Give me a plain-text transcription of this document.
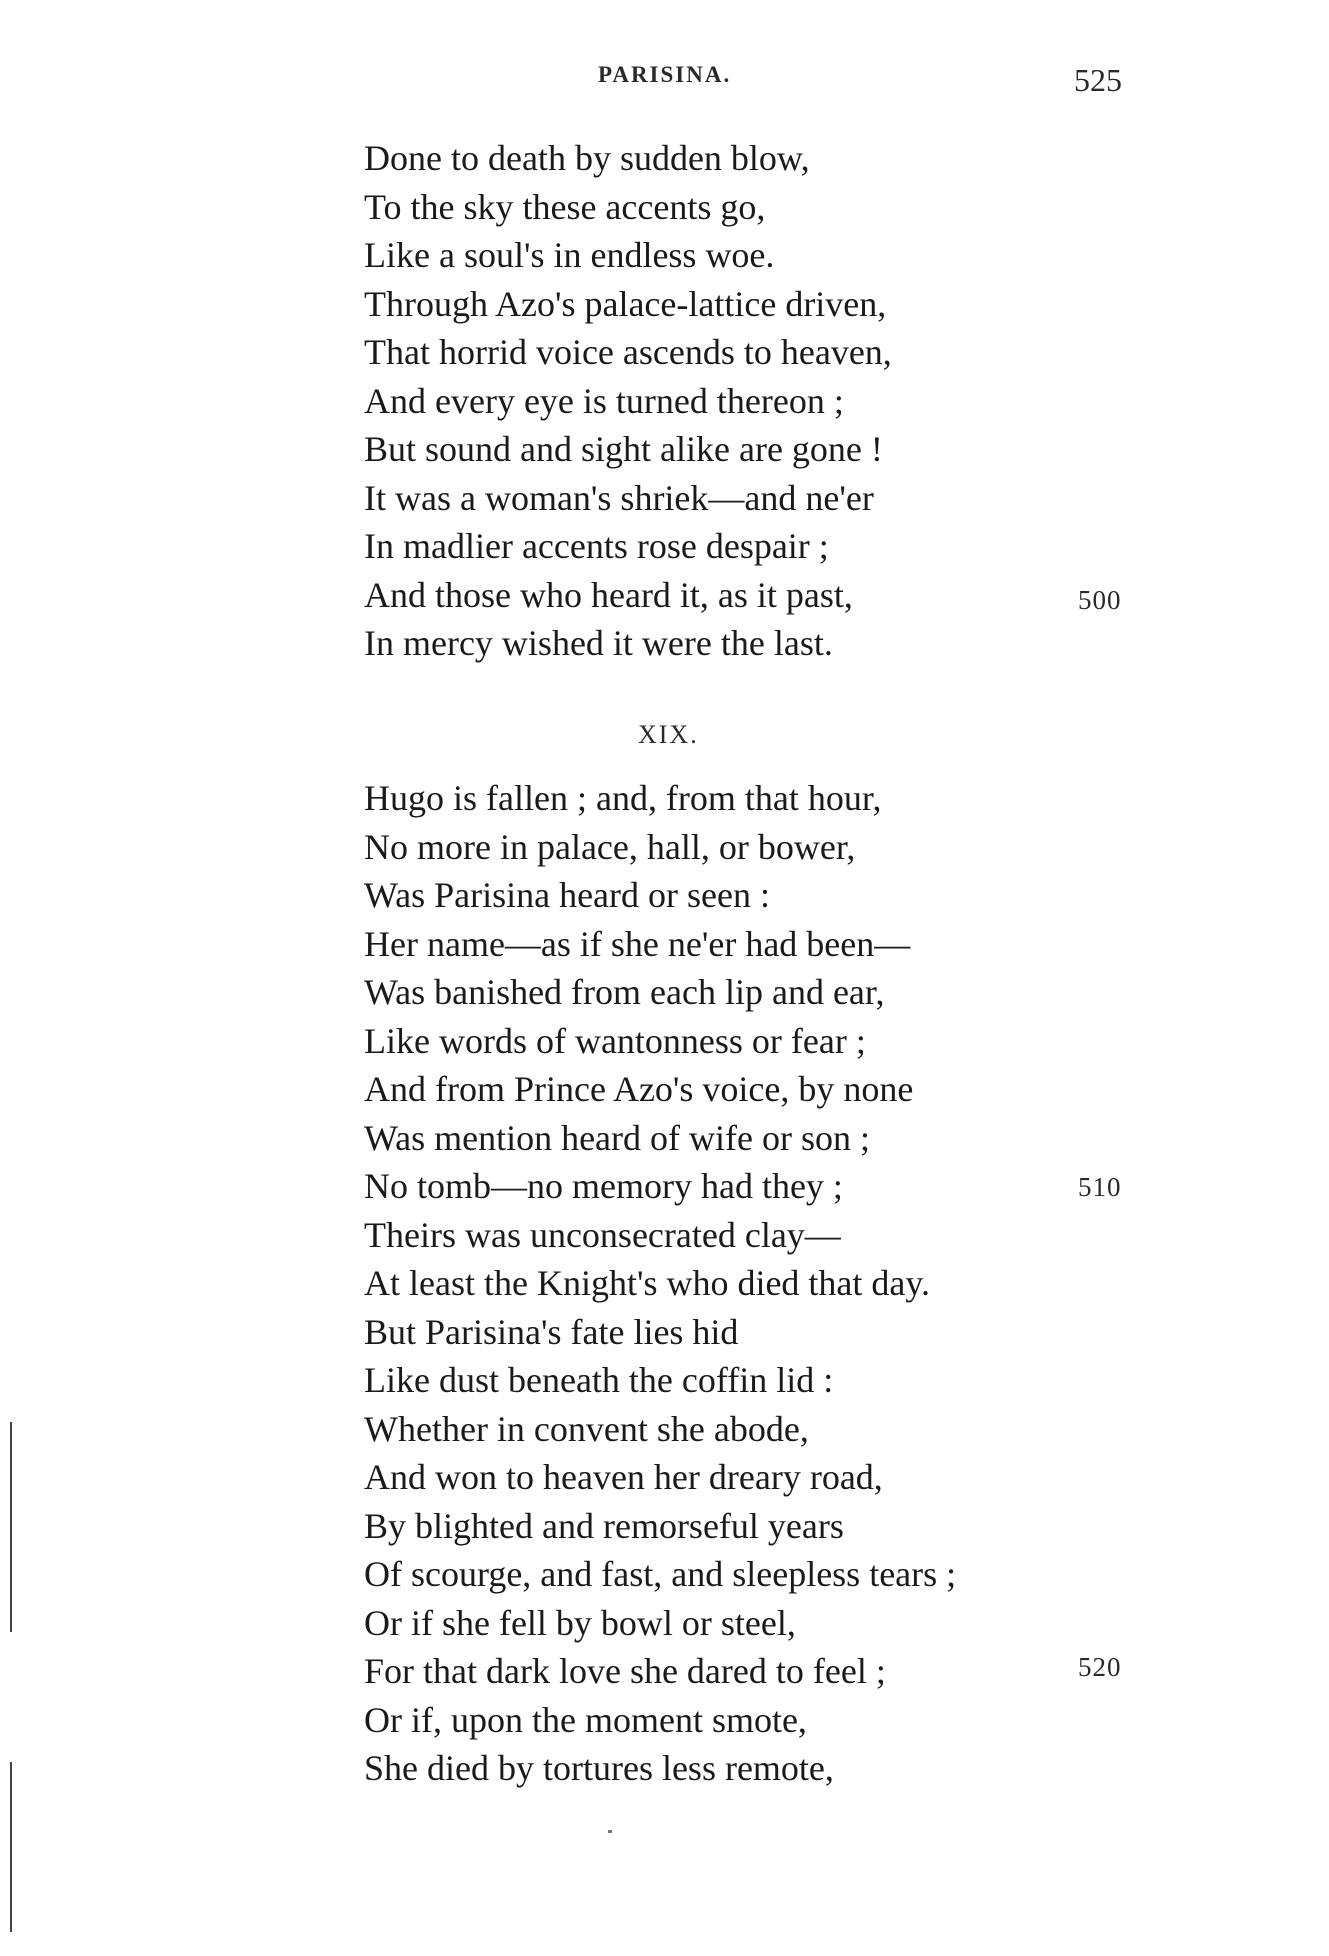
PARISINA.	525
Done to death by sudden blow,
To the sky these accents go,
Like a soul's in endless woe.
Through Azo's palace-lattice driven,
That horrid voice ascends to heaven,
And every eye is turned thereon ;
But sound and sight alike are gone !
It was a woman's shriek—and ne'er
In madlier accents rose despair ;
And those who heard it, as it past,
In mercy wished it were the last.
500
XIX.
Hugo is fallen ; and, from that hour,
No more in palace, hall, or bower,
Was Parisina heard or seen :
Her name—as if she ne'er had been—
Was banished from each lip and ear,
Like words of wantonness or fear ;
And from Prince Azo's voice, by none
Was mention heard of wife or son ;
No tomb—no memory had they ;
Theirs was unconsecrated clay—
At least the Knight's who died that day.
But Parisina's fate lies hid
Like dust beneath the coffin lid :
Whether in convent she abode,
And won to heaven her dreary road,
By blighted and remorseful years
Of scourge, and fast, and sleepless tears ;
Or if she fell by bowl or steel,
For that dark love she dared to feel ;
Or if, upon the moment smote,
She died by tortures less remote,
510
520
